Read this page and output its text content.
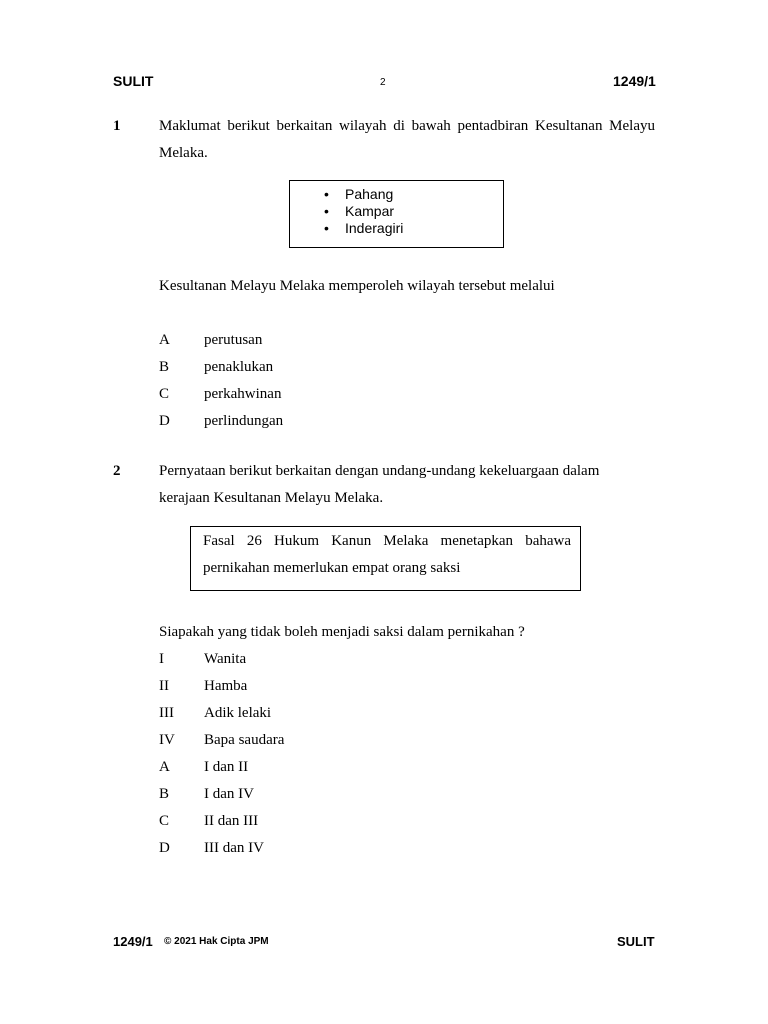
SULIT	2	1249/1
1	Maklumat berikut berkaitan wilayah di bawah pentadbiran Kesultanan Melayu Melaka.
• Pahang
• Kampar
• Inderagiri
Kesultanan Melayu Melaka memperoleh wilayah tersebut melalui
A perutusan
B penaklukan
C perkahwinan
D perlindungan
2	Pernyataan berikut berkaitan dengan undang-undang kekeluargaan dalam
kerajaan Kesultanan Melayu Melaka.
Fasal 26 Hukum Kanun Melaka menetapkan bahawa pernikahan memerlukan empat orang saksi
Siapakah yang tidak boleh menjadi saksi dalam pernikahan ?
I	Wanita
II Hamba
III Adik lelaki
IV Bapa saudara
A I dan II
B I dan IV
C II dan III
D III dan IV
1249/1 © 2021 Hak Cipta JPM	SULIT
